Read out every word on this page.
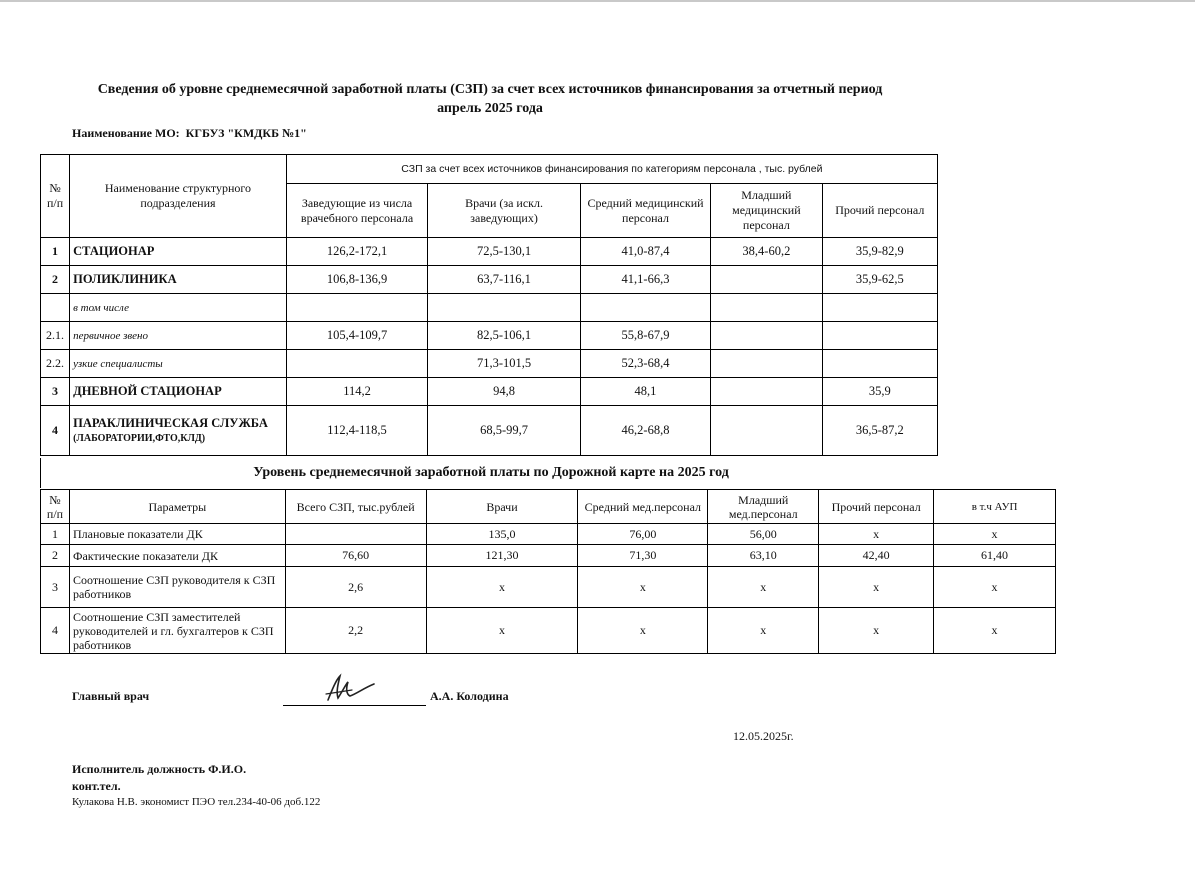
Сведения об уровне среднемесячной заработной платы (СЗП) за счет всех источников финансирования за отчетный период
апрель 2025 года
Наименование МО: КГБУЗ "КМДКБ №1"
№ п/п	Наименование структурного подразделения	СЗП за счет всех источников финансирования по категориям персонала , тыс. рублей				
		Заведующие из числа врачебного персонала	Врачи (за искл. заведующих)	Средний медицинский персонал	Младший медицинский персонал	Прочий персонал
1	СТАЦИОНАР	126,2-172,1	72,5-130,1	41,0-87,4	38,4-60,2	35,9-82,9
2	ПОЛИКЛИНИКА	106,8-136,9	63,7-116,1	41,1-66,3		35,9-62,5
	в том числе					
2.1.	первичное звено	105,4-109,7	82,5-106,1	55,8-67,9		
2.2.	узкие специалисты		71,3-101,5	52,3-68,4		
3	ДНЕВНОЙ СТАЦИОНАР	114,2	94,8	48,1		35,9
4	ПАРАКЛИНИЧЕСКАЯ СЛУЖБА
(ЛАБОРАТОРИИ,ФТО,КЛД)	112,4-118,5	68,5-99,7	46,2-68,8		36,5-87,2
Уровень среднемесячной заработной платы по Дорожной карте на 2025 год
№ п/п	Параметры	Всего СЗП, тыс.рублей	Врачи	Средний мед.персонал	Младший мед.персонал	Прочий персонал	в т.ч АУП
1	Плановые показатели ДК		135,0	76,00	56,00	х	х
2	Фактические показатели ДК	76,60	121,30	71,30	63,10	42,40	61,40
3	Соотношение СЗП руководителя к СЗП работников	2,6	х	х	х	х	х
4	Соотношение СЗП заместителей руководителей и гл. бухгалтеров к СЗП работников	2,2	х	х	х	х	х
Главный врач	А.А. Колодина
12.05.2025г.
Исполнитель должность Ф.И.О.
конт.тел.
Кулакова Н.В. экономист ПЭО тел.234-40-06 доб.122
